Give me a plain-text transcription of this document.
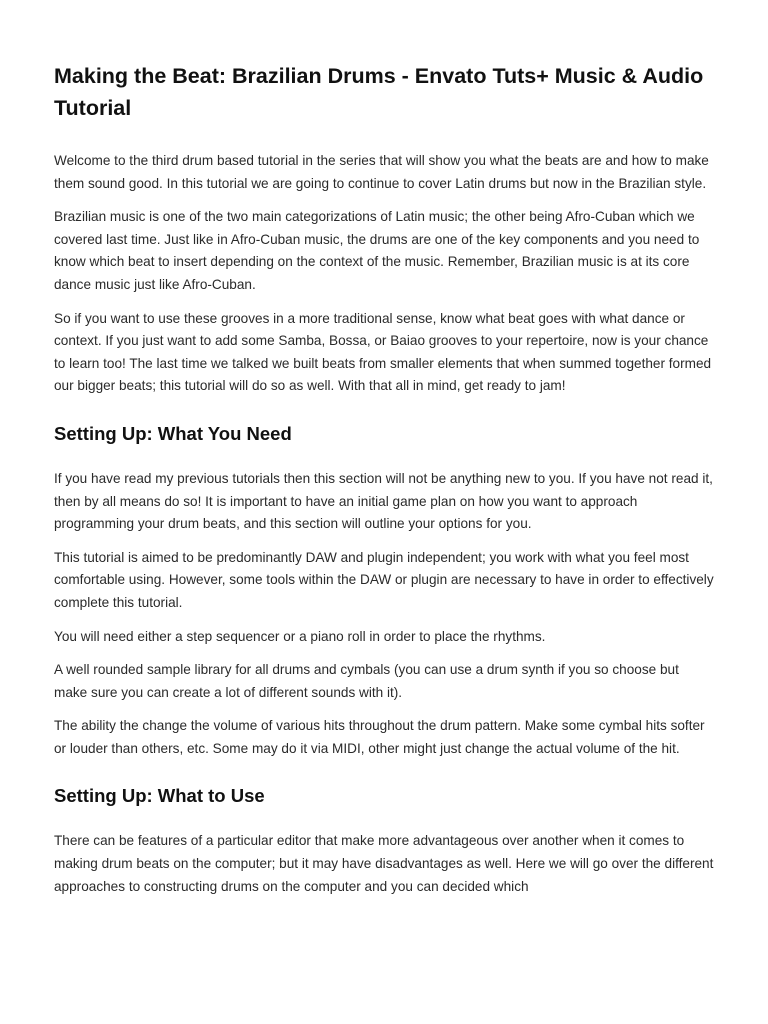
Making the Beat: Brazilian Drums - Envato Tuts+ Music & Audio Tutorial

Welcome to the third drum based tutorial in the series that will show you what the beats are and how to make them sound good. In this tutorial we are going to continue to cover Latin drums but now in the Brazilian style.

Brazilian music is one of the two main categorizations of Latin music; the other being Afro-Cuban which we covered last time. Just like in Afro-Cuban music, the drums are one of the key components and you need to know which beat to insert depending on the context of the music. Remember, Brazilian music is at its core dance music just like Afro-Cuban.

So if you want to use these grooves in a more traditional sense, know what beat goes with what dance or context. If you just want to add some Samba, Bossa, or Baiao grooves to your repertoire, now is your chance to learn too! The last time we talked we built beats from smaller elements that when summed together formed our bigger beats; this tutorial will do so as well. With that all in mind, get ready to jam!

Setting Up: What You Need

If you have read my previous tutorials then this section will not be anything new to you. If you have not read it, then by all means do so! It is important to have an initial game plan on how you want to approach programming your drum beats, and this section will outline your options for you.

This tutorial is aimed to be predominantly DAW and plugin independent; you work with what you feel most comfortable using. However, some tools within the DAW or plugin are necessary to have in order to effectively complete this tutorial.

You will need either a step sequencer or a piano roll in order to place the rhythms.

A well rounded sample library for all drums and cymbals (you can use a drum synth if you so choose but make sure you can create a lot of different sounds with it).

The ability the change the volume of various hits throughout the drum pattern. Make some cymbal hits softer or louder than others, etc. Some may do it via MIDI, other might just change the actual volume of the hit.

Setting Up: What to Use

There can be features of a particular editor that make more advantageous over another when it comes to making drum beats on the computer; but it may have disadvantages as well. Here we will go over the different approaches to constructing drums on the computer and you can decided which
